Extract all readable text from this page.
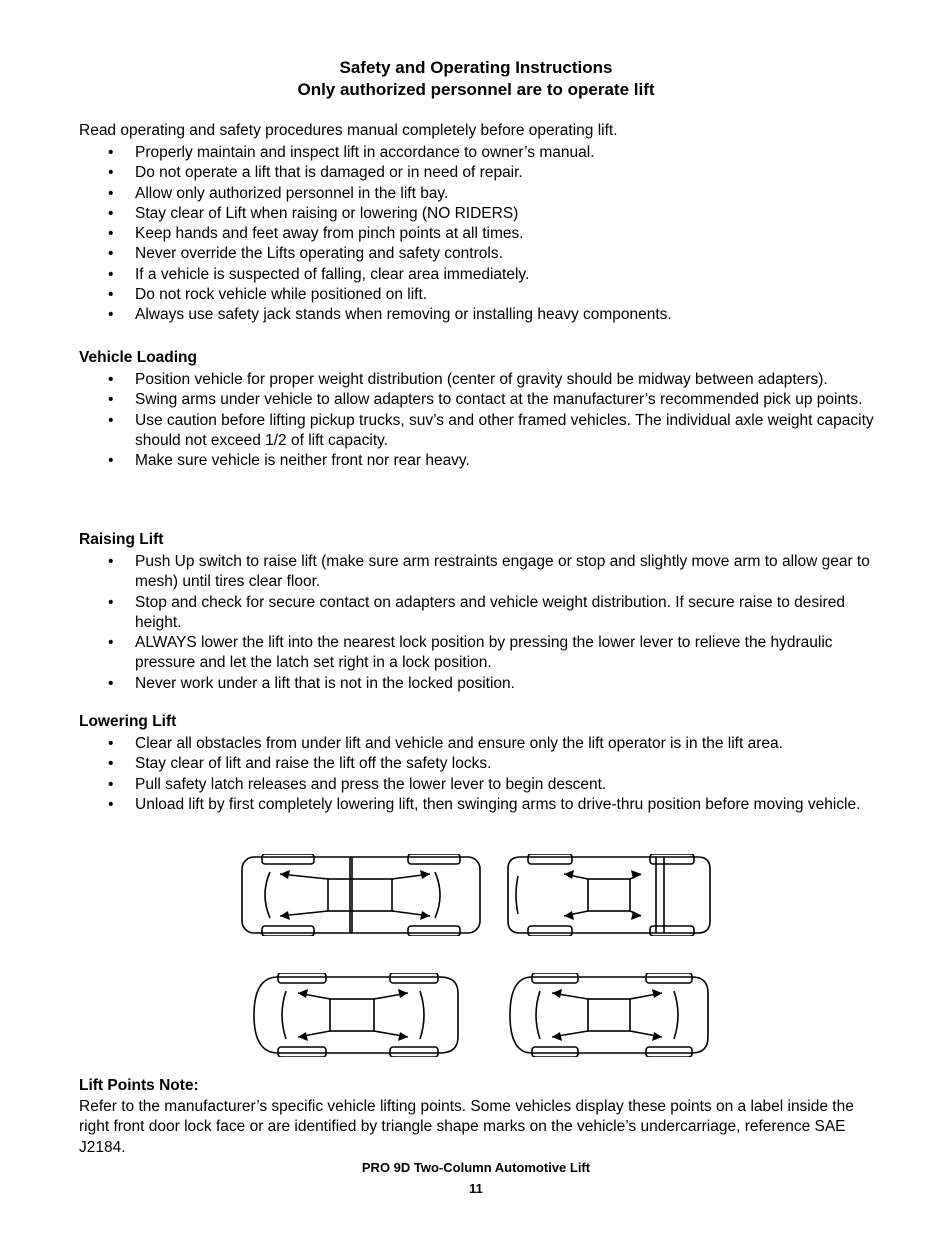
Safety and Operating Instructions
Only authorized personnel are to operate lift
Read operating and safety procedures manual completely before operating lift.
• Properly maintain and inspect lift in accordance to owner’s manual.
• Do not operate a lift that is damaged or in need of repair.
• Allow only authorized personnel in the lift bay.
• Stay clear of Lift when raising or lowering (NO RIDERS)
• Keep hands and feet away from pinch points at all times.
• Never override the Lifts operating and safety controls.
• If a vehicle is suspected of falling, clear area immediately.
• Do not rock vehicle while positioned on lift.
• Always use safety jack stands when removing or installing heavy components.
Vehicle Loading
• Position vehicle for proper weight distribution (center of gravity should be midway between adapters).
• Swing arms under vehicle to allow adapters to contact at the manufacturer’s recommended pick up points.
• Use caution before lifting pickup trucks, suv’s and other framed vehicles. The individual axle weight capacity should not exceed 1/2 of lift capacity.
• Make sure vehicle is neither front nor rear heavy.
Raising Lift
• Push Up switch to raise lift (make sure arm restraints engage or stop and slightly move arm to allow gear to mesh) until tires clear floor.
• Stop and check for secure contact on adapters and vehicle weight distribution. If secure raise to desired height.
• ALWAYS lower the lift into the nearest lock position by pressing the lower lever to relieve the hydraulic pressure and let the latch set right in a lock position.
• Never work under a lift that is not in the locked position.
Lowering Lift
• Clear all obstacles from under lift and vehicle and ensure only the lift operator is in the lift area.
• Stay clear of lift and raise the lift off the safety locks.
• Pull safety latch releases and press the lower lever to begin descent.
• Unload lift by first completely lowering lift, then swinging arms to drive-thru position before moving vehicle.
Lift Points Note:
Refer to the manufacturer’s specific vehicle lifting points. Some vehicles display these points on a label inside the right front door lock face or are identified by triangle shape marks on the vehicle’s undercarriage, reference SAE J2184.
PRO 9D Two-Column Automotive Lift
11
